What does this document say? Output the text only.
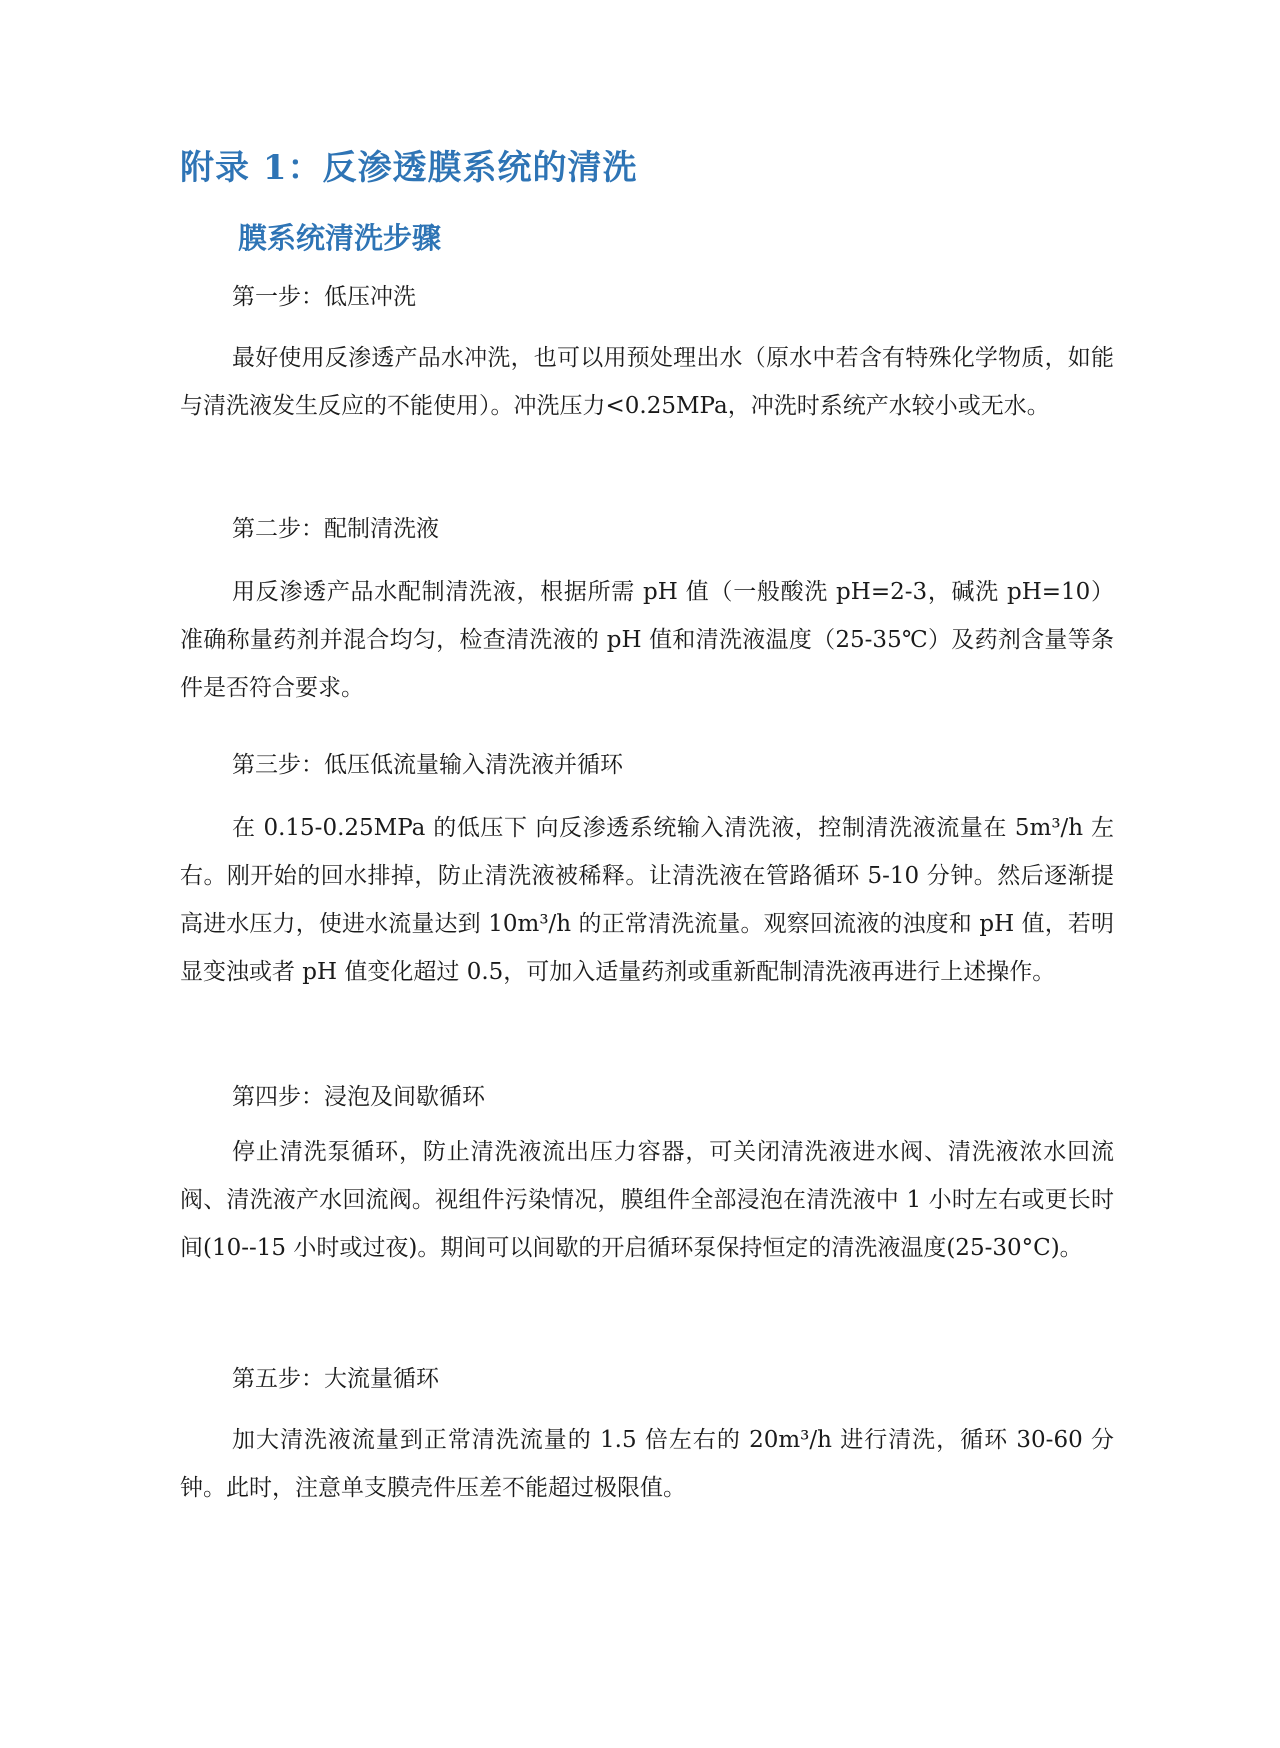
附录 1：反渗透膜系统的清洗
膜系统清洗步骤
第一步：低压冲洗
最好使用反渗透产品水冲洗，也可以用预处理出水（原水中若含有特殊化学物质，如能与清洗液发生反应的不能使用）。冲洗压力<0.25MPa，冲洗时系统产水较小或无水。
第二步：配制清洗液
用反渗透产品水配制清洗液，根据所需 pH 值（一般酸洗 pH=2-3，碱洗 pH=10）准确称量药剂并混合均匀，检查清洗液的 pH 值和清洗液温度（25-35℃）及药剂含量等条件是否符合要求。
第三步：低压低流量输入清洗液并循环
在 0.15-0.25MPa 的低压下 向反渗透系统输入清洗液，控制清洗液流量在 5m³/h 左右。刚开始的回水排掉，防止清洗液被稀释。让清洗液在管路循环 5-10 分钟。然后逐渐提高进水压力，使进水流量达到 10m³/h 的正常清洗流量。观察回流液的浊度和 pH 值，若明显变浊或者 pH 值变化超过 0.5，可加入适量药剂或重新配制清洗液再进行上述操作。
第四步：浸泡及间歇循环
停止清洗泵循环，防止清洗液流出压力容器，可关闭清洗液进水阀、清洗液浓水回流阀、清洗液产水回流阀。视组件污染情况，膜组件全部浸泡在清洗液中 1 小时左右或更长时间(10--15 小时或过夜)。期间可以间歇的开启循环泵保持恒定的清洗液温度(25-30°C)。
第五步：大流量循环
加大清洗液流量到正常清洗流量的 1.5 倍左右的 20m³/h 进行清洗，循环 30-60 分钟。此时，注意单支膜壳件压差不能超过极限值。
